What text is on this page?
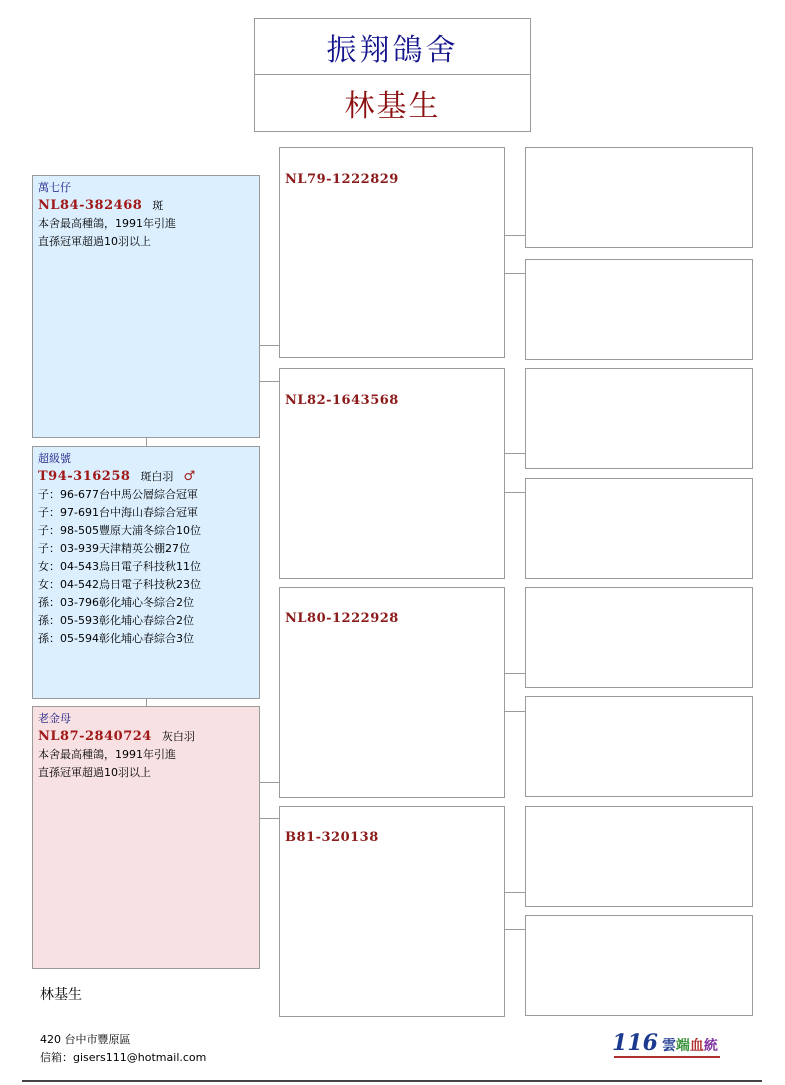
振翔鴿舍
林基生
萬七仔
NL84-382468 斑
本舍最高種鴿，1991年引進
直孫冠軍超過10羽以上
超級號
T94-316258 斑白羽 ♂
子：96-677台中馬公層綜合冠軍
子：97-691台中海山春綜合冠軍
子：98-505豐原大浦冬綜合10位
子：03-939天津精英公棚27位
女：04-543烏日電子科技秋11位
女：04-542烏日電子科技秋23位
孫：03-796彰化埔心冬綜合2位
孫：05-593彰化埔心春綜合2位
孫：05-594彰化埔心春綜合3位
老金母
NL87-2840724 灰白羽
本舍最高種鴿，1991年引進
直孫冠軍超過10羽以上
NL79-1222829
NL82-1643568
NL80-1222928
B81-320138
林基生
420 台中市豐原區
信箱：gisers111@hotmail.com
116 雲端血統
